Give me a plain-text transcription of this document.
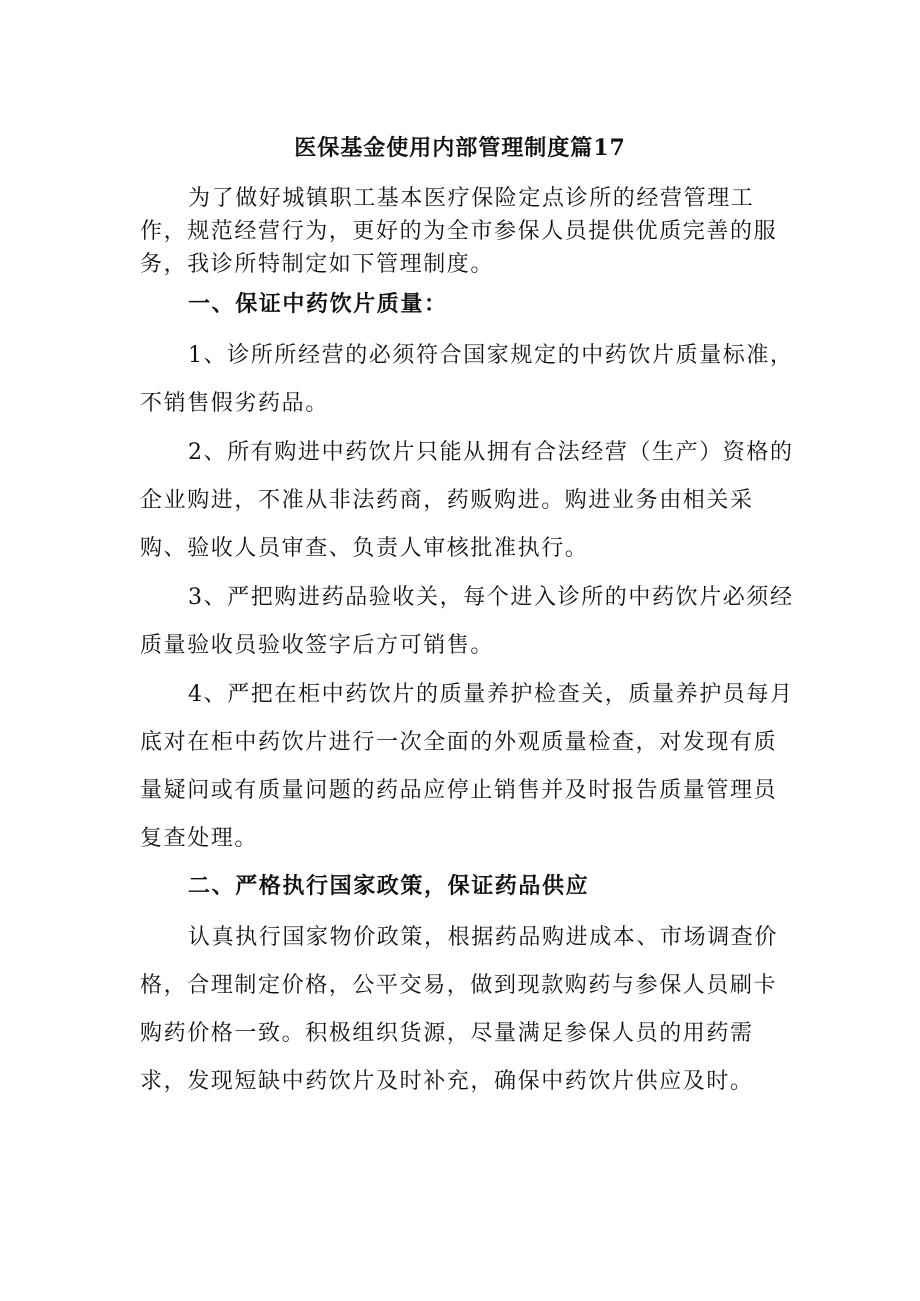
医保基金使用内部管理制度篇17

为了做好城镇职工基本医疗保险定点诊所的经营管理工作，规范经营行为，更好的为全市参保人员提供优质完善的服务，我诊所特制定如下管理制度。

一、保证中药饮片质量：

1、诊所所经营的必须符合国家规定的中药饮片质量标准，不销售假劣药品。

2、所有购进中药饮片只能从拥有合法经营（生产）资格的企业购进，不准从非法药商，药贩购进。购进业务由相关采购、验收人员审查、负责人审核批准执行。

3、严把购进药品验收关，每个进入诊所的中药饮片必须经质量验收员验收签字后方可销售。

4、严把在柜中药饮片的质量养护检查关，质量养护员每月底对在柜中药饮片进行一次全面的外观质量检查，对发现有质量疑问或有质量问题的药品应停止销售并及时报告质量管理员复查处理。

二、严格执行国家政策，保证药品供应

认真执行国家物价政策，根据药品购进成本、市场调查价格，合理制定价格，公平交易，做到现款购药与参保人员刷卡购药价格一致。积极组织货源，尽量满足参保人员的用药需求，发现短缺中药饮片及时补充，确保中药饮片供应及时。
